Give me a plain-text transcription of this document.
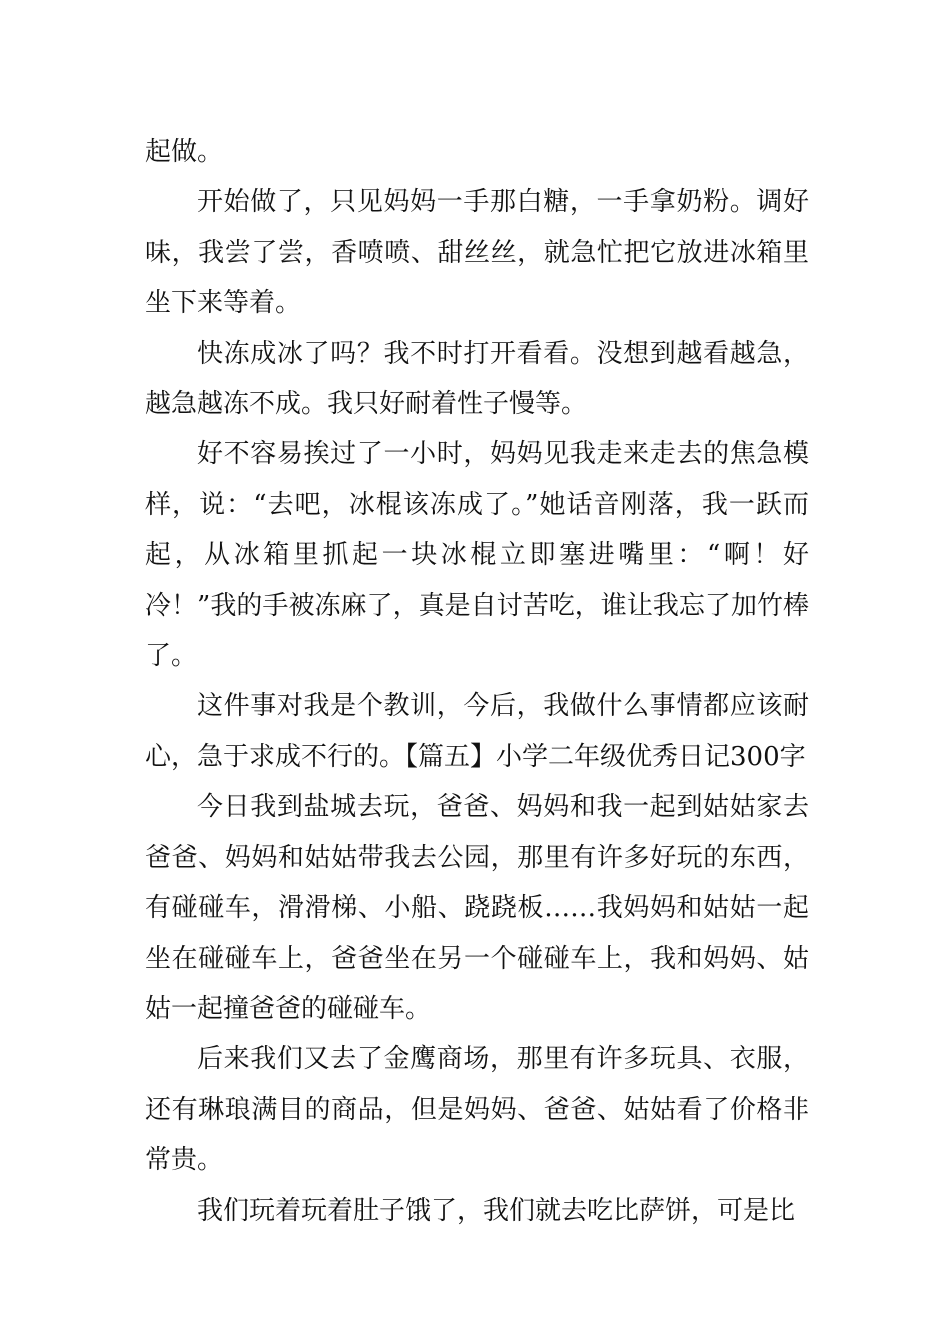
起做。

开始做了，只见妈妈一手那白糖，一手拿奶粉。调好味，我尝了尝，香喷喷、甜丝丝，就急忙把它放进冰箱里坐下来等着。

快冻成冰了吗？我不时打开看看。没想到越看越急，越急越冻不成。我只好耐着性子慢等。

好不容易挨过了一小时，妈妈见我走来走去的焦急模样，说：“去吧，冰棍该冻成了。”她话音刚落，我一跃而起，从冰箱里抓起一块冰棍立即塞进嘴里：“啊！好冷！”我的手被冻麻了，真是自讨苦吃，谁让我忘了加竹棒了。

这件事对我是个教训，今后，我做什么事情都应该耐心，急于求成不行的。【篇五】小学二年级优秀日记300字

今日我到盐城去玩，爸爸、妈妈和我一起到姑姑家去爸爸、妈妈和姑姑带我去公园，那里有许多好玩的东西，有碰碰车，滑滑梯、小船、跷跷板……我妈妈和姑姑一起坐在碰碰车上，爸爸坐在另一个碰碰车上，我和妈妈、姑姑一起撞爸爸的碰碰车。

后来我们又去了金鹰商场，那里有许多玩具、衣服，还有琳琅满目的商品，但是妈妈、爸爸、姑姑看了价格非常贵。

我们玩着玩着肚子饿了，我们就去吃比萨饼，可是比
